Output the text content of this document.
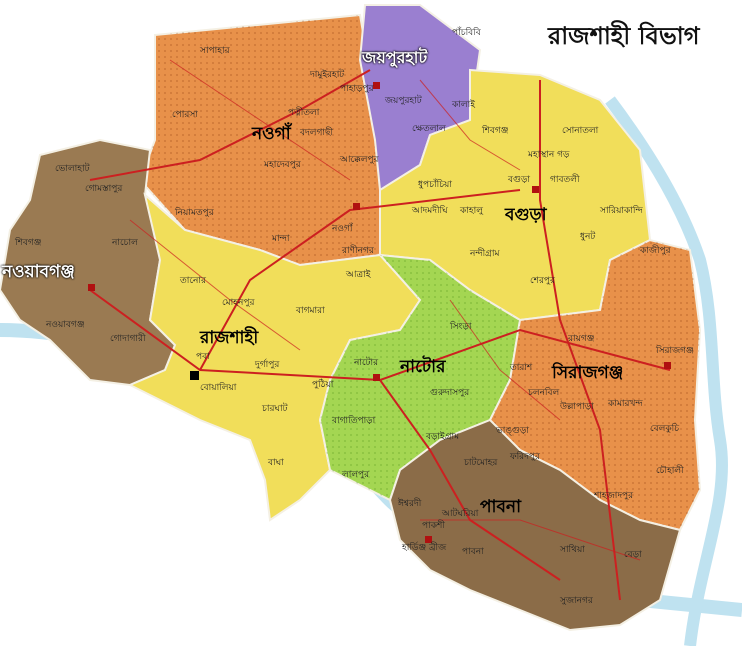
রাজশাহী বিভাগ
জয়পুরহাট
নওগাঁ
বগুড়া
নওয়াবগঞ্জ
রাজশাহী
নাটোর	সিরাজগঞ্জ
পাবনা
পাঁচবিবি
সাপাহার
দামুইরহাট
পাহাড়পুর
জয়পুরহাট	কালাই
পোরসা	পত্নীতলা
বদলগাছী	ক্ষেতলাল	শিবগঞ্জ	সোনাতলা
মহাস্থান গড়
ভোলাহাট
গোমস্তাপুর
মহাদেবপুর	আক্কেলপুর
ধুপচাঁচিয়া	বগুড়া গাবতলী
নিয়ামতপুর	আদমদীঘি কাহালু	সারিয়াকান্দি
শিবগঞ্জ	নাচোল	মান্দা
নওগাঁ
ধুনট
রাণীনগর	নন্দীগ্রাম	কাজীপুর
তানোর	শেরপুর
আত্রাই
মোহনপুর
বাগমারা
নওয়াবগঞ্জ
গোদাগারী
সিংড়া
রায়গঞ্জ
পবা
নাটোর	তারাশ
সিরাজগঞ্জ
দুর্গাপুর
পুঠিয়া
গুরুদাসপুর	চলনবিল
বোয়ালিয়া
চারঘাট	উল্লাপাড়া কামারখন্দ
বাগাতিপাড়া
বড়াইগ্রাম
বেলকুচি
ভাঙ্গুড়া
বাঘা	চাটমোহর
ফরিদপুর
চৌহালী
লালপুর
শাহজাদপুর
ঈশ্বরদী
আটঘরিয়া
পাকশী
হার্ডিঞ্জ ব্রীজ পাবনা	সাথিয়া	বেড়া
সুজানগর
